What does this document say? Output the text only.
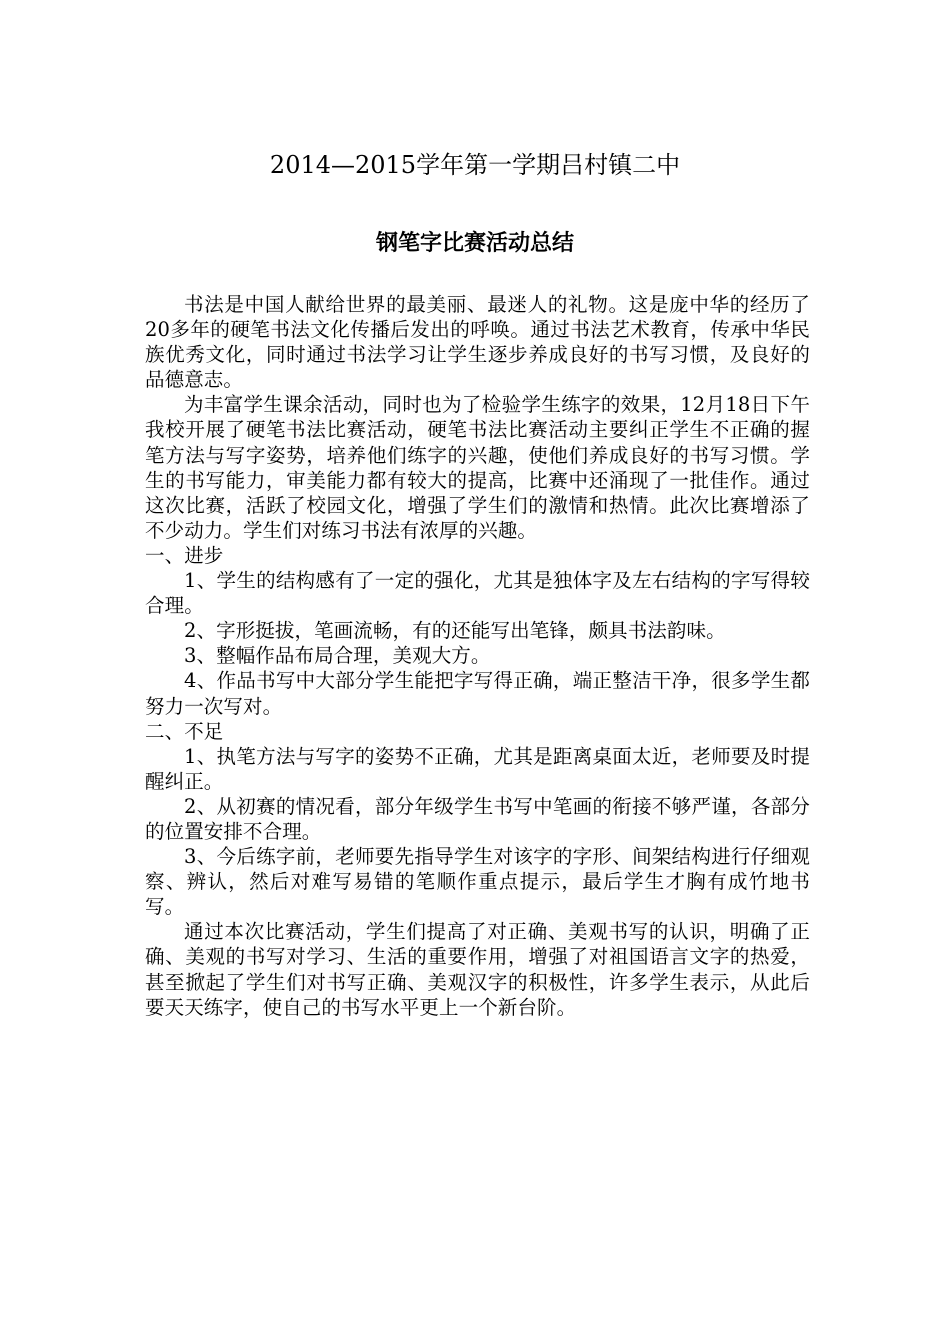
2014—2015学年第一学期吕村镇二中
钢笔字比赛活动总结

书法是中国人献给世界的最美丽、最迷人的礼物。这是庞中华的经历了20多年的硬笔书法文化传播后发出的呼唤。通过书法艺术教育，传承中华民族优秀文化，同时通过书法学习让学生逐步养成良好的书写习惯，及良好的品德意志。

为丰富学生课余活动，同时也为了检验学生练字的效果，12月18日下午我校开展了硬笔书法比赛活动，硬笔书法比赛活动主要纠正学生不正确的握笔方法与写字姿势，培养他们练字的兴趣，使他们养成良好的书写习惯。学生的书写能力，审美能力都有较大的提高，比赛中还涌现了一批佳作。通过这次比赛，活跃了校园文化，增强了学生们的激情和热情。此次比赛增添了不少动力。学生们对练习书法有浓厚的兴趣。

一、进步

1、学生的结构感有了一定的强化，尤其是独体字及左右结构的字写得较合理。

2、字形挺拔，笔画流畅，有的还能写出笔锋，颇具书法韵味。

3、整幅作品布局合理，美观大方。

4、作品书写中大部分学生能把字写得正确，端正整洁干净，很多学生都努力一次写对。

二、不足

1、执笔方法与写字的姿势不正确，尤其是距离桌面太近，老师要及时提醒纠正。

2、从初赛的情况看，部分年级学生书写中笔画的衔接不够严谨，各部分的位置安排不合理。

3、今后练字前，老师要先指导学生对该字的字形、间架结构进行仔细观察、辨认，然后对难写易错的笔顺作重点提示，最后学生才胸有成竹地书写。

通过本次比赛活动，学生们提高了对正确、美观书写的认识，明确了正确、美观的书写对学习、生活的重要作用，增强了对祖国语言文字的热爱，甚至掀起了学生们对书写正确、美观汉字的积极性，许多学生表示，从此后要天天练字，使自己的书写水平更上一个新台阶。
